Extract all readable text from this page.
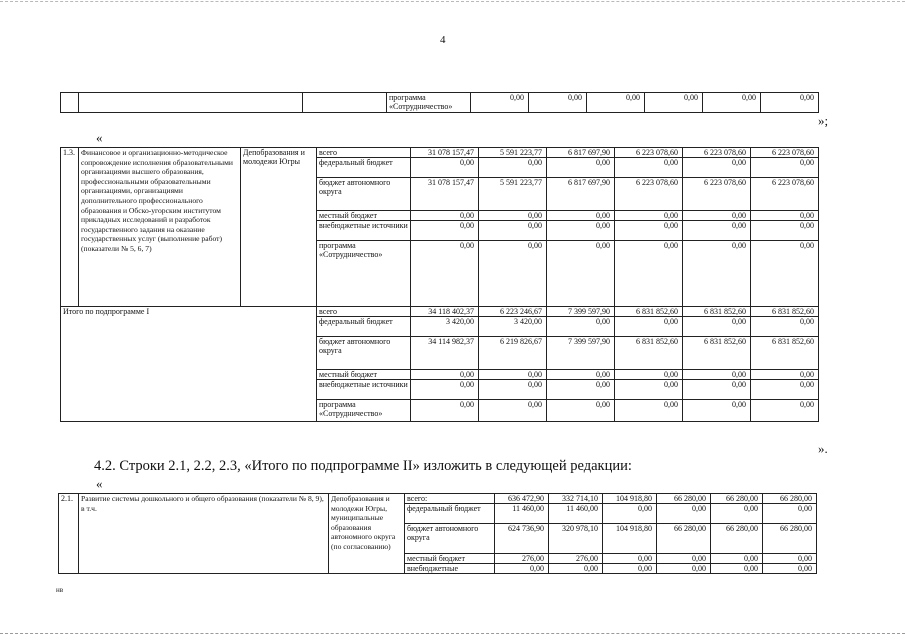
4
			программа «Сотрудничество»	0,00	0,00	0,00	0,00	0,00	0,00
»;
«
1.3.	Финансовое и организационно-методическое сопровождение исполнения образовательными организациями высшего образования, профессиональными образовательными организациями, организациями дополнительного профессионального образования и Обско-угорским институтом прикладных исследований и разработок государственного задания на оказание государственных услуг (выполнение работ) (показатели № 5, 6, 7)	Депобразования и молодежи Югры	всего	31 078 157,47	5 591 223,77	6 817 697,90	6 223 078,60	6 223 078,60	6 223 078,60
			федеральный бюджет	0,00	0,00	0,00	0,00	0,00	0,00
			бюджет автономного округа	31 078 157,47	5 591 223,77	6 817 697,90	6 223 078,60	6 223 078,60	6 223 078,60
			местный бюджет	0,00	0,00	0,00	0,00	0,00	0,00
			внебюджетные источники	0,00	0,00	0,00	0,00	0,00	0,00
			программа «Сотрудничество»	0,00	0,00	0,00	0,00	0,00	0,00
Итого по подпрограмме I			всего	34 118 402,37	6 223 246,67	7 399 597,90	6 831 852,60	6 831 852,60	6 831 852,60
			федеральный бюджет	3 420,00	3 420,00	0,00	0,00	0,00	0,00
			бюджет автономного округа	34 114 982,37	6 219 826,67	7 399 597,90	6 831 852,60	6 831 852,60	6 831 852,60
			местный бюджет	0,00	0,00	0,00	0,00	0,00	0,00
			внебюджетные источники	0,00	0,00	0,00	0,00	0,00	0,00
			программа «Сотрудничество»	0,00	0,00	0,00	0,00	0,00	0,00
».
4.2. Строки 2.1, 2.2, 2.3, «Итого по подпрограмме II» изложить в следующей редакции:
«
2.1.	Развитие системы дошкольного и общего образования (показатели № 8, 9), в т.ч.	Депобразования и молодежи Югры, муниципальные образования автономного округа (по согласованию)	всего:	636 472,90	332 714,10	104 918,80	66 280,00	66 280,00	66 280,00
			федеральный бюджет	11 460,00	11 460,00	0,00	0,00	0,00	0,00
			бюджет автономного округа	624 736,90	320 978,10	104 918,80	66 280,00	66 280,00	66 280,00
			местный бюджет	276,00	276,00	0,00	0,00	0,00	0,00
			внебюджетные	0,00	0,00	0,00	0,00	0,00	0,00
нв
